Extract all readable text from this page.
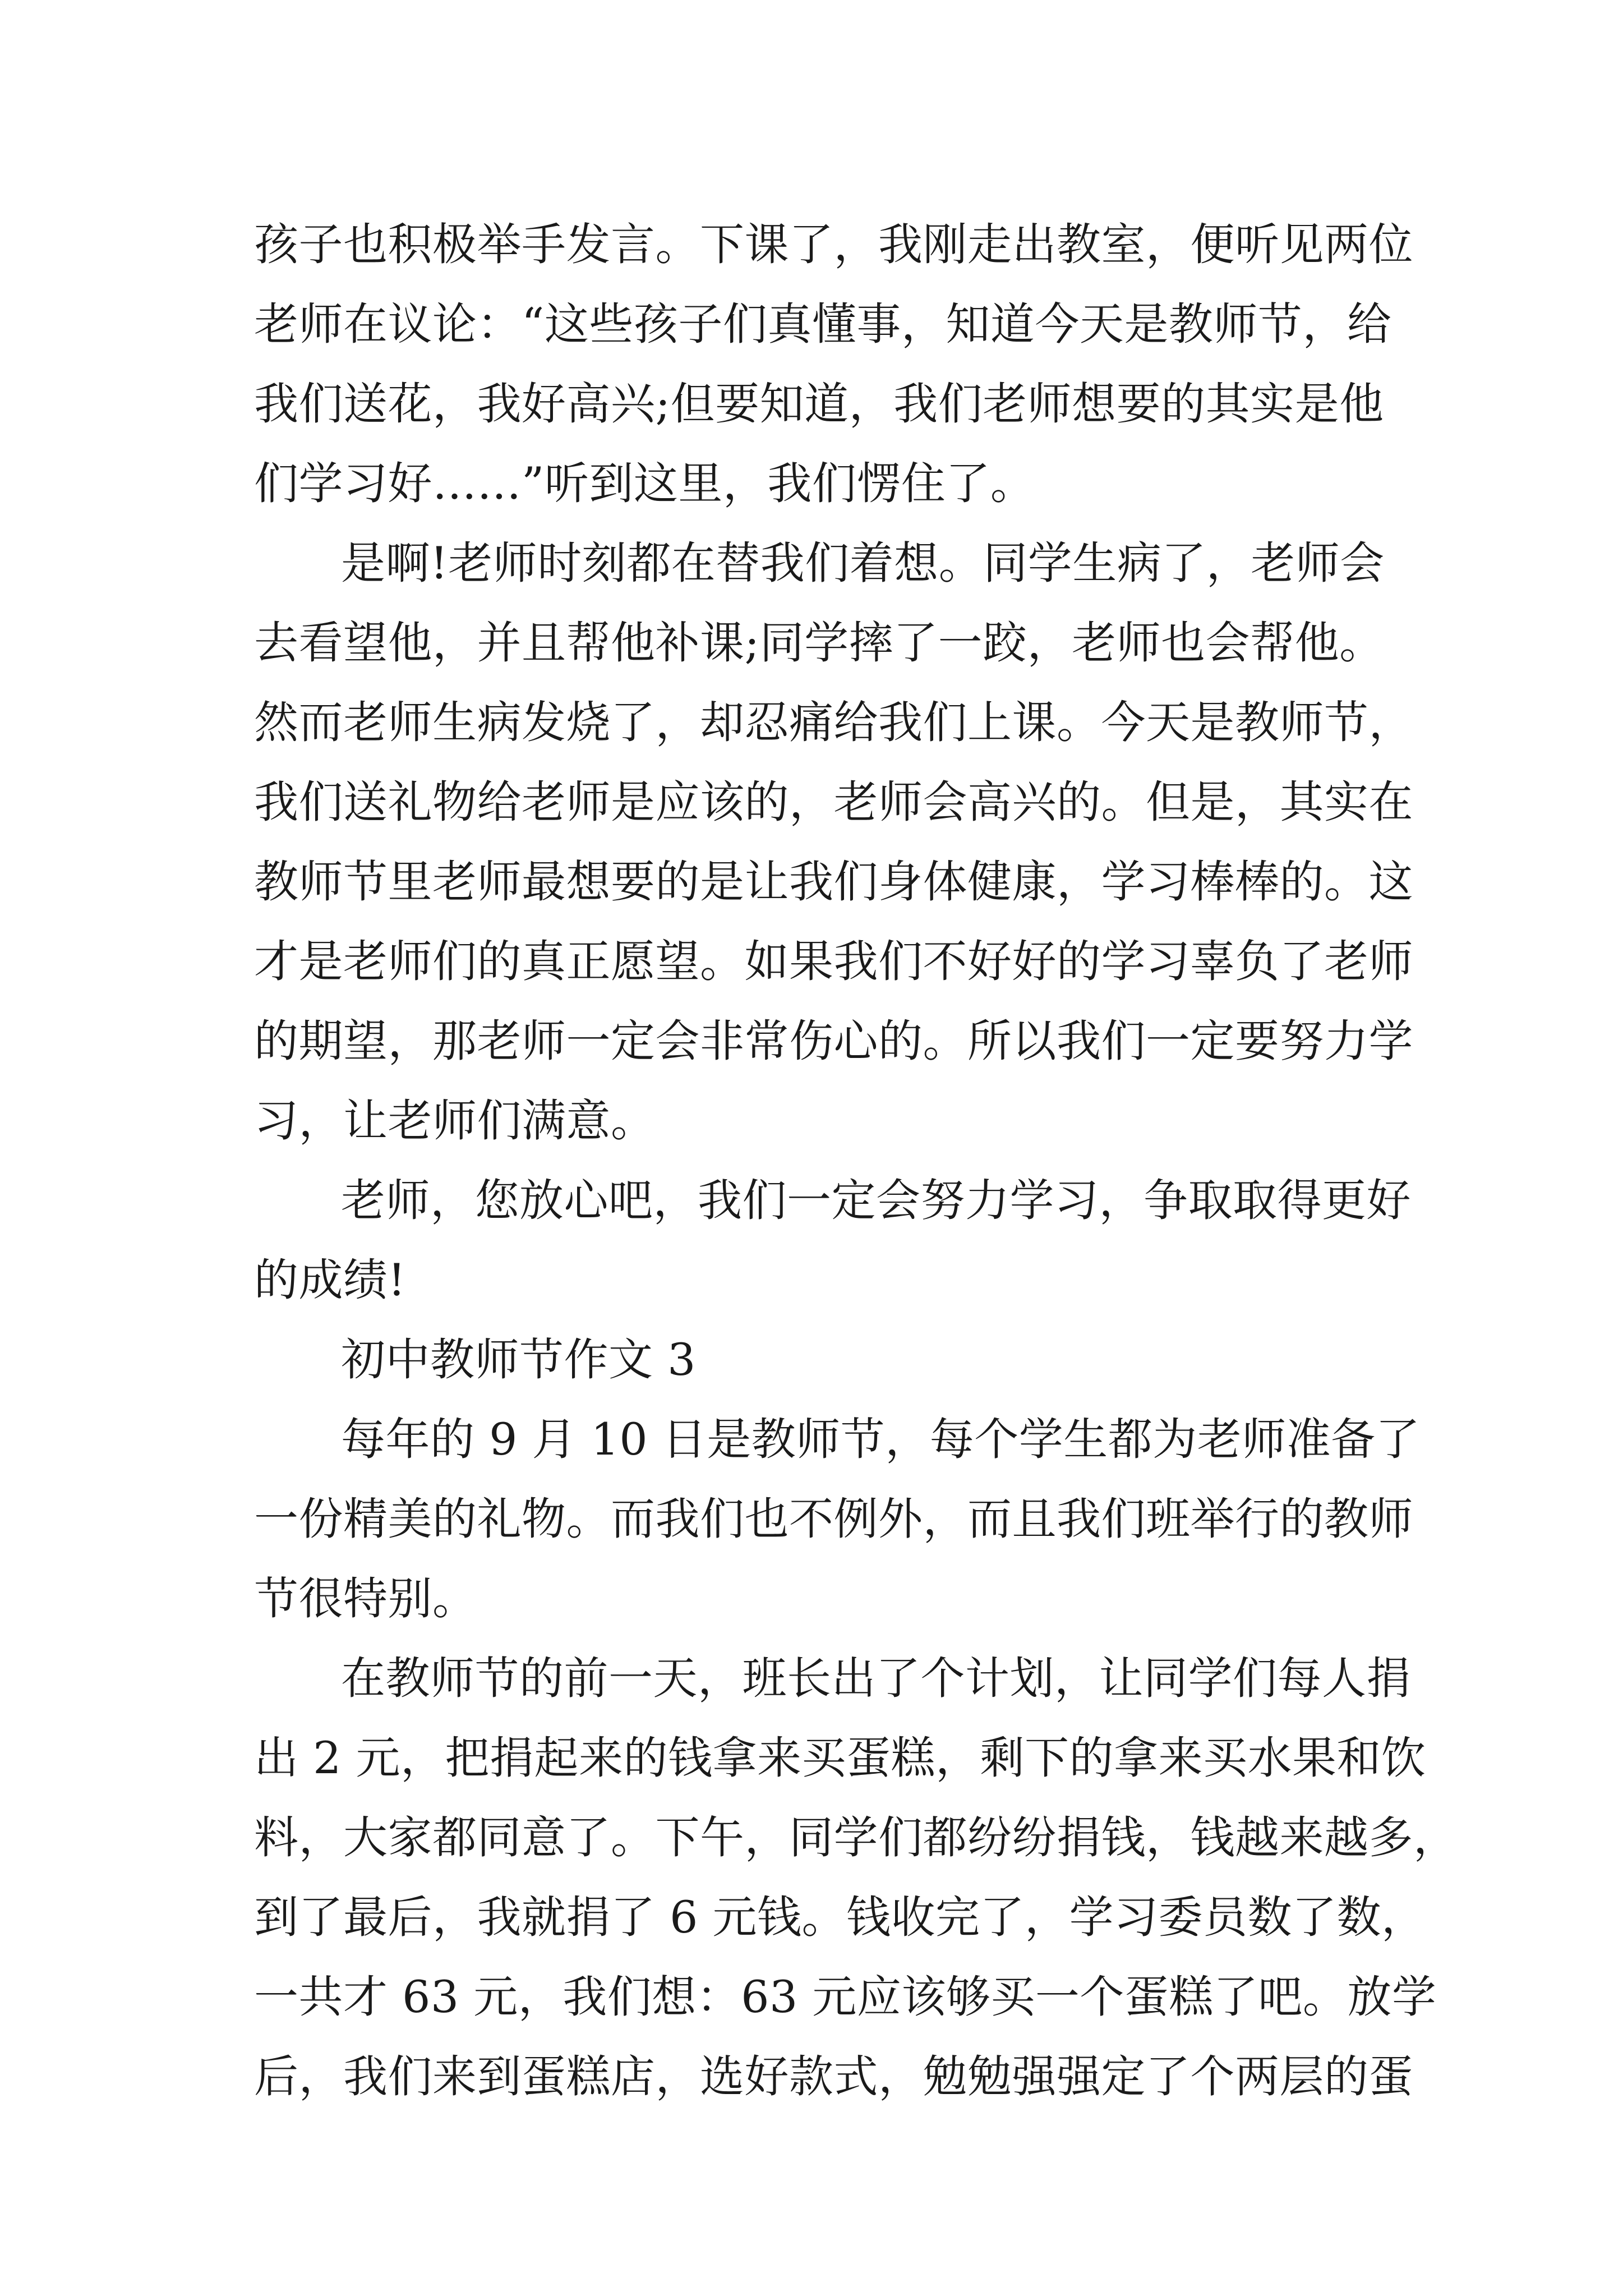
孩子也积极举手发言。下课了，我刚走出教室，便听见两位
老师在议论：“这些孩子们真懂事，知道今天是教师节，给
我们送花，我好高兴;但要知道，我们老师想要的其实是他
们学习好……”听到这里，我们愣住了。
是啊!老师时刻都在替我们着想。同学生病了，老师会
去看望他，并且帮他补课;同学摔了一跤，老师也会帮他。
然而老师生病发烧了，却忍痛给我们上课。今天是教师节，
我们送礼物给老师是应该的，老师会高兴的。但是，其实在
教师节里老师最想要的是让我们身体健康，学习棒棒的。这
才是老师们的真正愿望。如果我们不好好的学习辜负了老师
的期望，那老师一定会非常伤心的。所以我们一定要努力学
习，让老师们满意。
老师，您放心吧，我们一定会努力学习，争取取得更好
的成绩!
初中教师节作文 3
每年的 9 月 10 日是教师节，每个学生都为老师准备了
一份精美的礼物。而我们也不例外，而且我们班举行的教师
节很特别。
在教师节的前一天，班长出了个计划，让同学们每人捐
出 2 元，把捐起来的钱拿来买蛋糕，剩下的拿来买水果和饮
料，大家都同意了。下午，同学们都纷纷捐钱，钱越来越多，
到了最后，我就捐了 6 元钱。钱收完了，学习委员数了数，
一共才 63 元，我们想：63 元应该够买一个蛋糕了吧。放学
后，我们来到蛋糕店，选好款式，勉勉强强定了个两层的蛋
